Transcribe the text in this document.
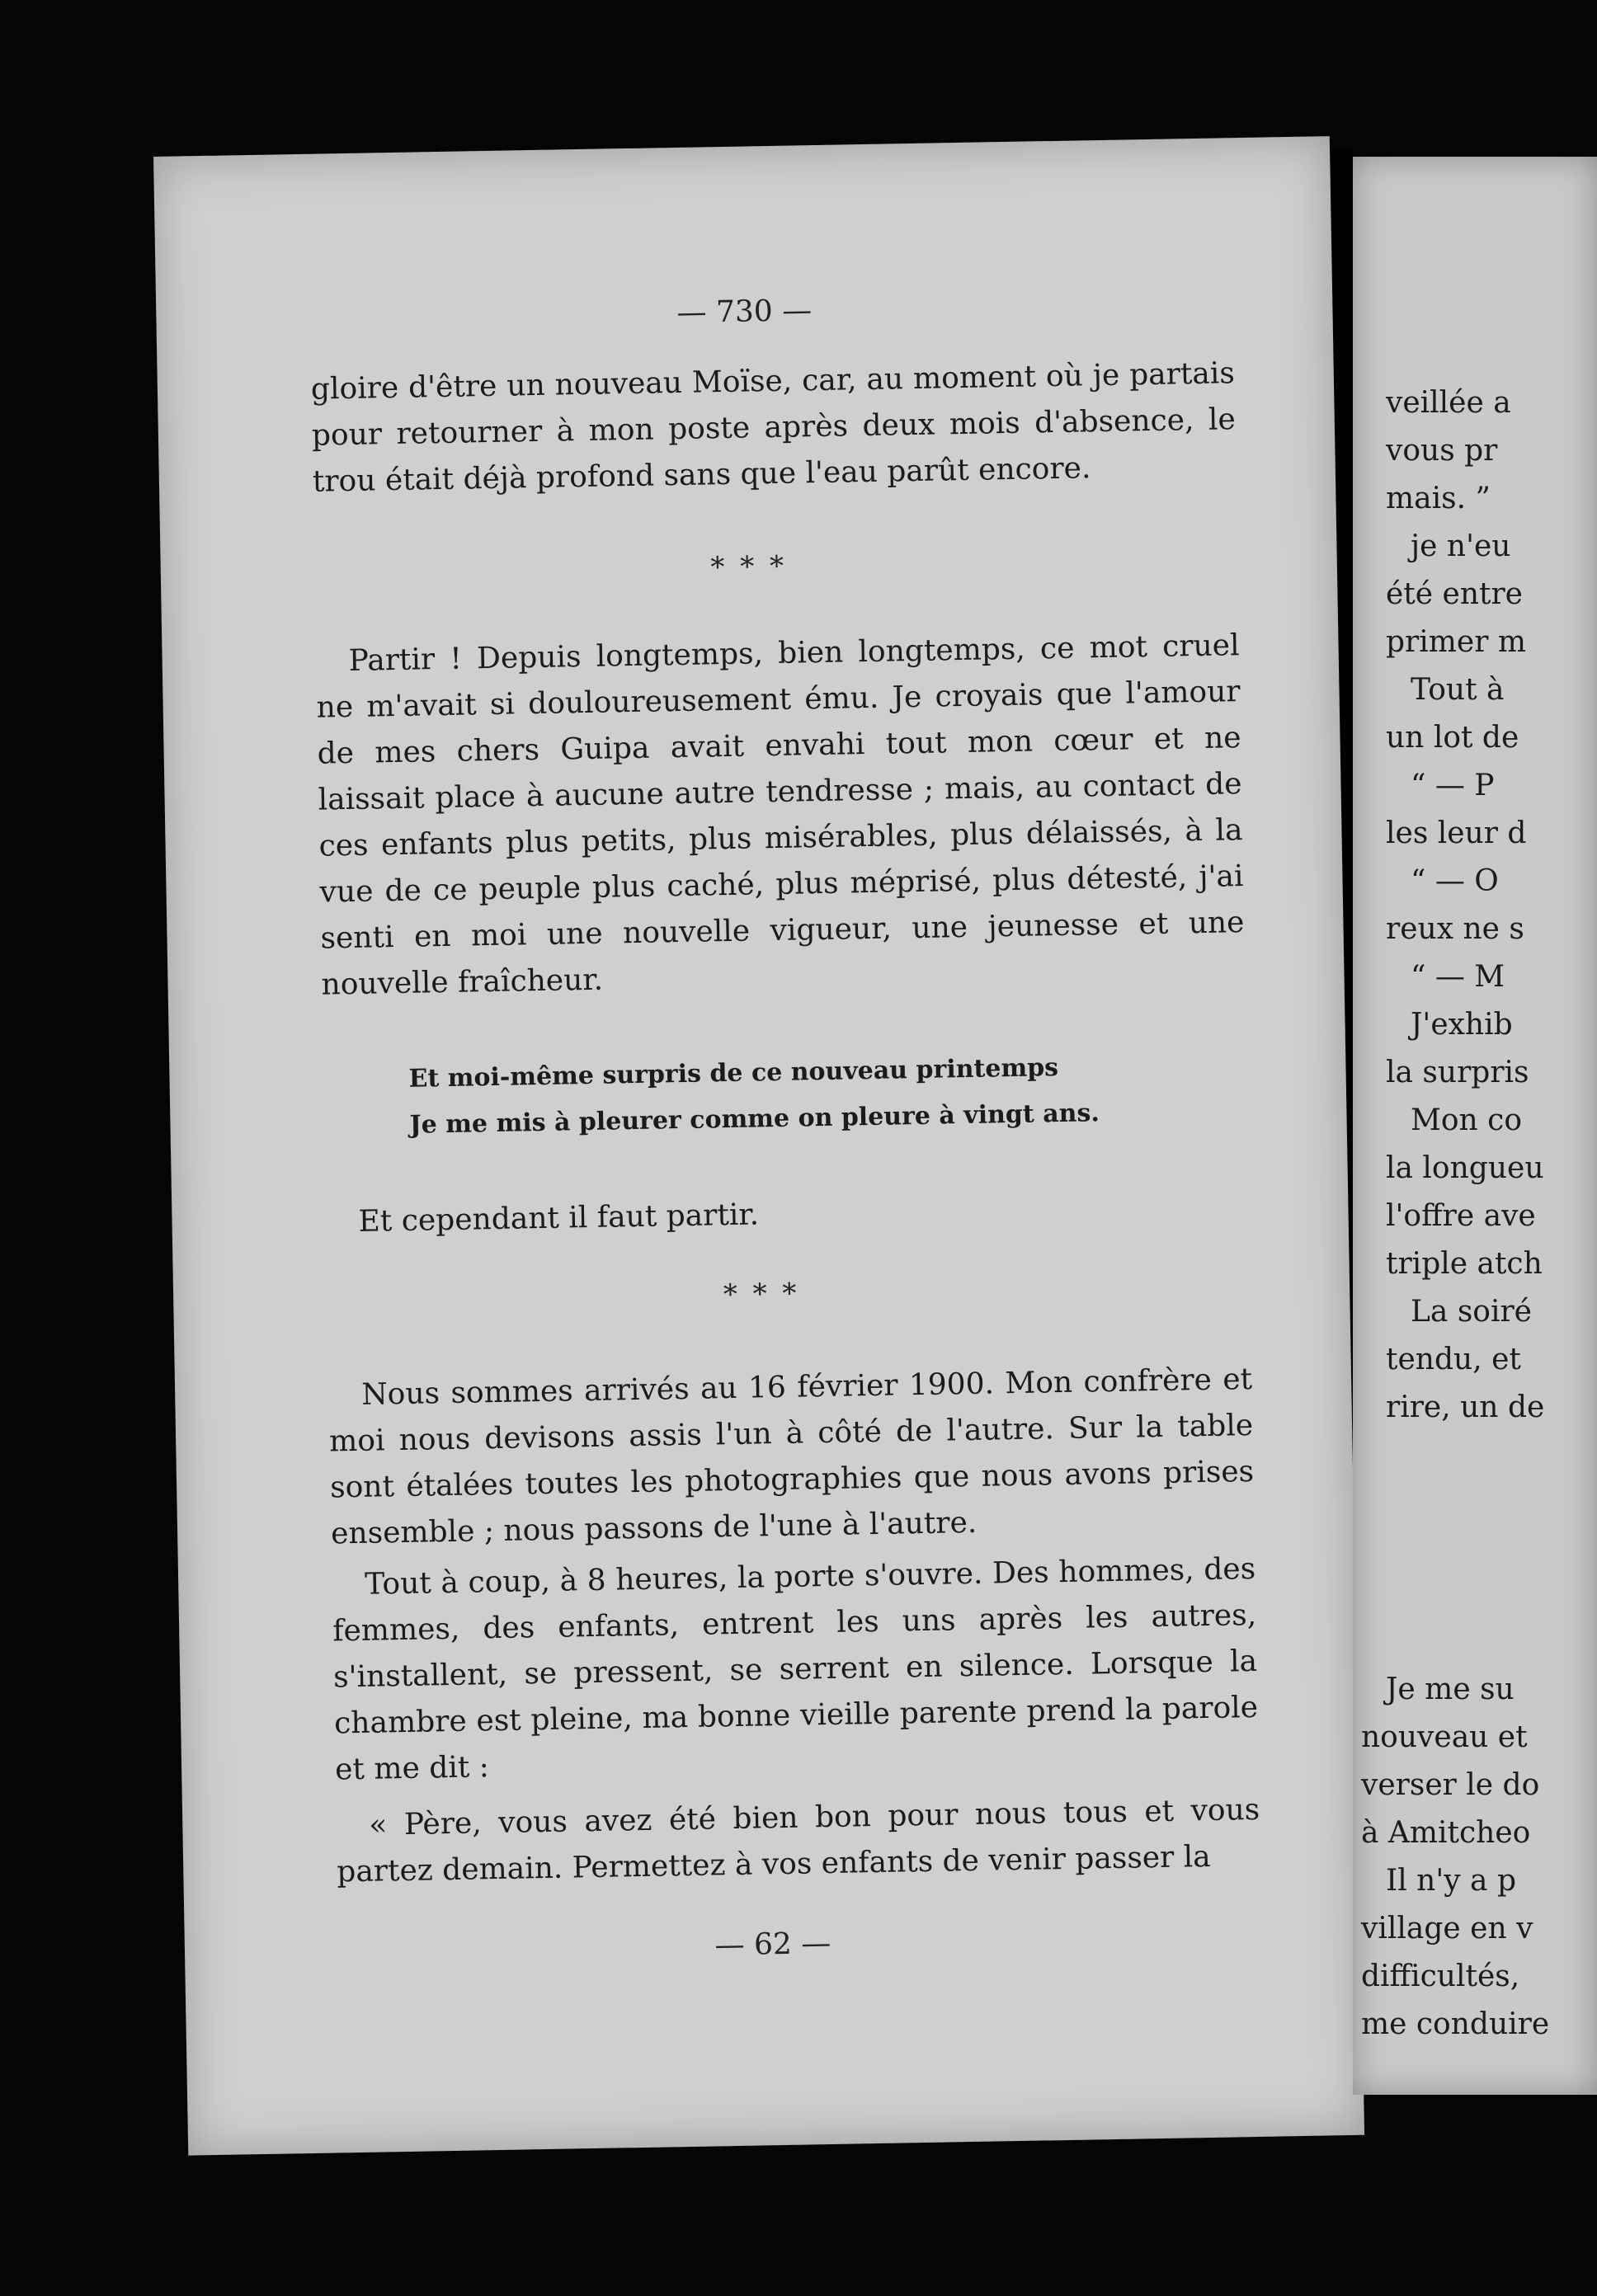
— 730 —

gloire d'être un nouveau Moïse, car, au moment où je partais pour retourner à mon poste après deux mois d'absence, le trou était déjà profond sans que l'eau parût encore.

* * *

Partir ! Depuis longtemps, bien longtemps, ce mot cruel ne m'avait si douloureusement ému. Je croyais que l'amour de mes chers Guipa avait envahi tout mon cœur et ne laissait place à aucune autre tendresse ; mais, au contact de ces enfants plus petits, plus misérables, plus délaissés, à la vue de ce peuple plus caché, plus méprisé, plus détesté, j'ai senti en moi une nouvelle vigueur, une jeunesse et une nouvelle fraîcheur.

Et moi-même surpris de ce nouveau printemps
Je me mis à pleurer comme on pleure à vingt ans.

Et cependant il faut partir.

* * *

Nous sommes arrivés au 16 février 1900. Mon confrère et moi nous devisons assis l'un à côté de l'autre. Sur la table sont étalées toutes les photographies que nous avons prises ensemble ; nous passons de l'une à l'autre.

Tout à coup, à 8 heures, la porte s'ouvre. Des hommes, des femmes, des enfants, entrent les uns après les autres, s'installent, se pressent, se serrent en silence. Lorsque la chambre est pleine, ma bonne vieille parente prend la parole et me dit :

« Père, vous avez été bien bon pour nous tous et vous partez demain. Permettez à vos enfants de venir passer la

— 62 —
veillée a
vous pr
mais. ”
je n'eu
été entre
primer m
Tout à
un lot de
“ — P
les leur d
“ — O
reux ne s
“ — M
J'exhib
la surpris
Mon co
la longueu
l'offre ave
triple atch
La soiré
tendu, et
rire, un de
Je me su
nouveau et
verser le do
à Amitcheo
Il n'y a p
village en v
difficultés,
me conduire
